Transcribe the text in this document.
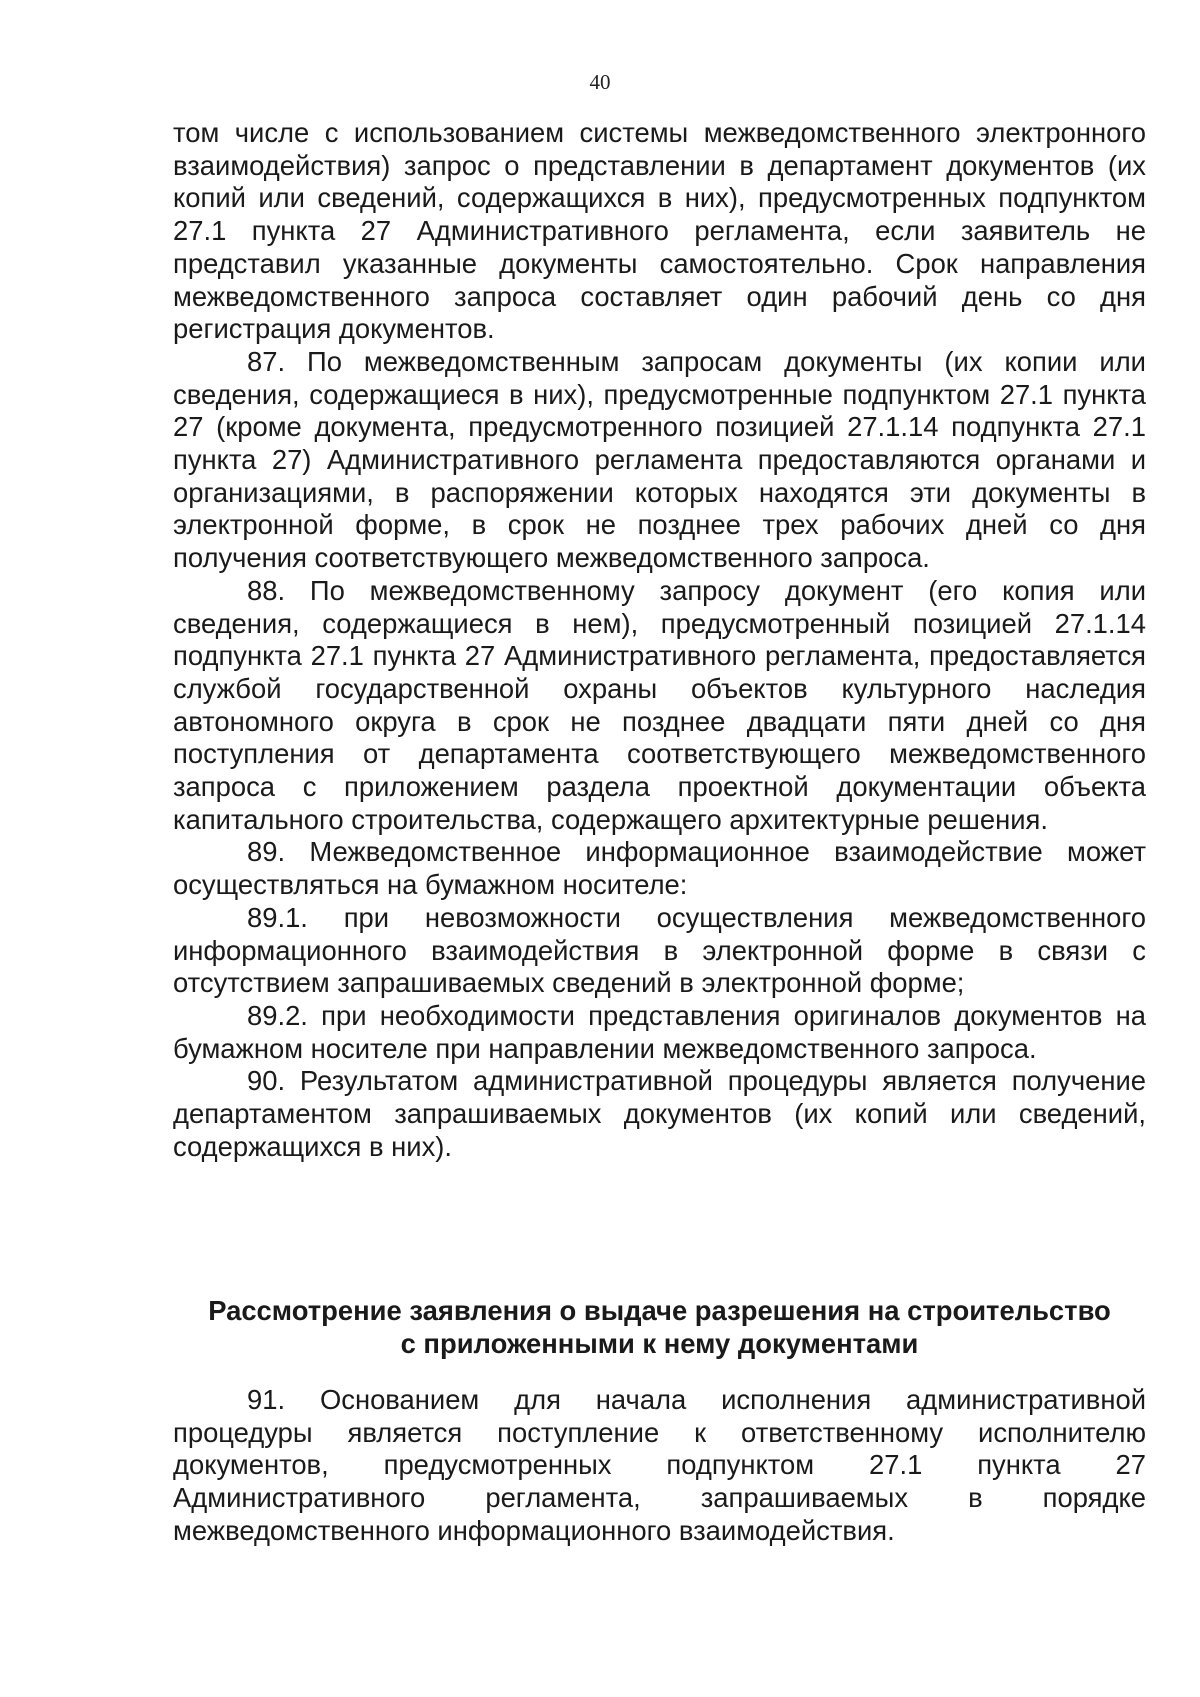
40

том числе с использованием системы межведомственного электронного взаимодействия) запрос о представлении в департамент документов (их копий или сведений, содержащихся в них), предусмотренных подпунктом 27.1 пункта 27 Административного регламента, если заявитель не представил указанные документы самостоятельно. Срок направления межведомственного запроса составляет один рабочий день со дня регистрация документов.

87. По межведомственным запросам документы (их копии или сведения, содержащиеся в них), предусмотренные подпунктом 27.1 пункта 27 (кроме документа, предусмотренного позицией 27.1.14 подпункта 27.1 пункта 27) Административного регламента предоставляются органами и организациями, в распоряжении которых находятся эти документы в электронной форме, в срок не позднее трех рабочих дней со дня получения соответствующего межведомственного запроса.

88. По межведомственному запросу документ (его копия или сведения, содержащиеся в нем), предусмотренный позицией 27.1.14 подпункта 27.1 пункта 27 Административного регламента, предоставляется службой государственной охраны объектов культурного наследия автономного округа в срок не позднее двадцати пяти дней со дня поступления от департамента соответствующего межведомственного запроса с приложением раздела проектной документации объекта капитального строительства, содержащего архитектурные решения.

89. Межведомственное информационное взаимодействие может осуществляться на бумажном носителе:

89.1. при невозможности осуществления межведомственного информационного взаимодействия в электронной форме в связи с отсутствием запрашиваемых сведений в электронной форме;

89.2. при необходимости представления оригиналов документов на бумажном носителе при направлении межведомственного запроса.

90. Результатом административной процедуры является получение департаментом запрашиваемых документов (их копий или сведений, содержащихся в них).

Рассмотрение заявления о выдаче разрешения на строительство
с приложенными к нему документами

91. Основанием для начала исполнения административной процедуры является поступление к ответственному исполнителю документов, предусмотренных подпунктом 27.1 пункта 27 Административного регламента, запрашиваемых в порядке межведомственного информационного взаимодействия.
